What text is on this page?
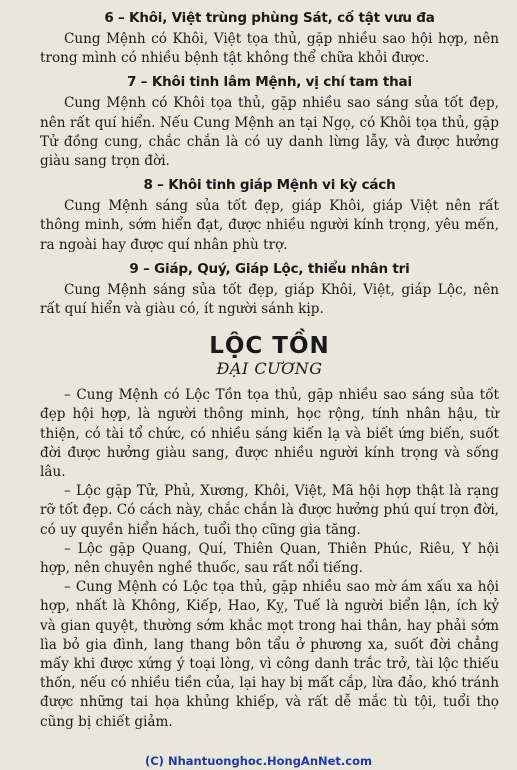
6 – Khôi, Việt trùng phùng Sát, cố tật vưu đa

Cung Mệnh có Khôi, Việt tọa thủ, gặp nhiều sao hội hợp, nên trong mình có nhiều bệnh tật không thể chữa khỏi được.

7 – Khôi tinh lâm Mệnh, vị chí tam thai

Cung Mệnh có Khôi tọa thủ, gặp nhiều sao sáng sủa tốt đẹp, nên rất quí hiển. Nếu Cung Mệnh an tại Ngọ, có Khôi tọa thủ, gặp Tử đồng cung, chắc chắn là có uy danh lừng lẫy, và được hưởng giàu sang trọn đời.

8 – Khôi tinh giáp Mệnh vi kỳ cách

Cung Mệnh sáng sủa tốt đẹp, giáp Khôi, giáp Việt nên rất thông minh, sớm hiển đạt, được nhiều người kính trọng, yêu mến, ra ngoài hay được quí nhân phù trợ.

9 – Giáp, Quý, Giáp Lộc, thiểu nhân tri

Cung Mệnh sáng sủa tốt đẹp, giáp Khôi, Việt, giáp Lộc, nên rất quí hiển và giàu có, ít người sánh kịp.

LỘC TỒN
ĐẠI CƯƠNG

– Cung Mệnh có Lộc Tồn tọa thủ, gặp nhiều sao sáng sủa tốt đẹp hội hợp, là người thông minh, học rộng, tính nhân hậu, từ thiện, có tài tổ chức, có nhiều sáng kiến lạ và biết ứng biến, suốt đời được hưởng giàu sang, được nhiều người kính trọng và sống lâu.

– Lộc gặp Tử, Phủ, Xương, Khôi, Việt, Mã hội hợp thật là rạng rỡ tốt đẹp. Có cách này, chắc chắn là được hưởng phú quí trọn đời, có uy quyền hiển hách, tuổi thọ cũng gia tăng.

– Lộc gặp Quang, Quí, Thiên Quan, Thiên Phúc, Riêu, Y hội hợp, nên chuyên nghề thuốc, sau rất nổi tiếng.

– Cung Mệnh có Lộc tọa thủ, gặp nhiều sao mờ ám xấu xa hội hợp, nhất là Không, Kiếp, Hao, Kỵ, Tuế là người biển lận, ích kỷ và gian quyệt, thường sớm khắc mọt trong hai thân, hay phải sớm lìa bỏ gia đình, lang thang bôn tẩu ở phương xa, suốt đời chẳng mấy khi được xứng ý toại lòng, vì công danh trắc trở, tài lộc thiếu thốn, nếu có nhiều tiền của, lại hay bị mất cắp, lừa đảo, khó tránh được những tai họa khủng khiếp, và rất dễ mắc tù tội, tuổi thọ cũng bị chiết giảm.

(C) Nhantuonghoc.HongAnNet.com
